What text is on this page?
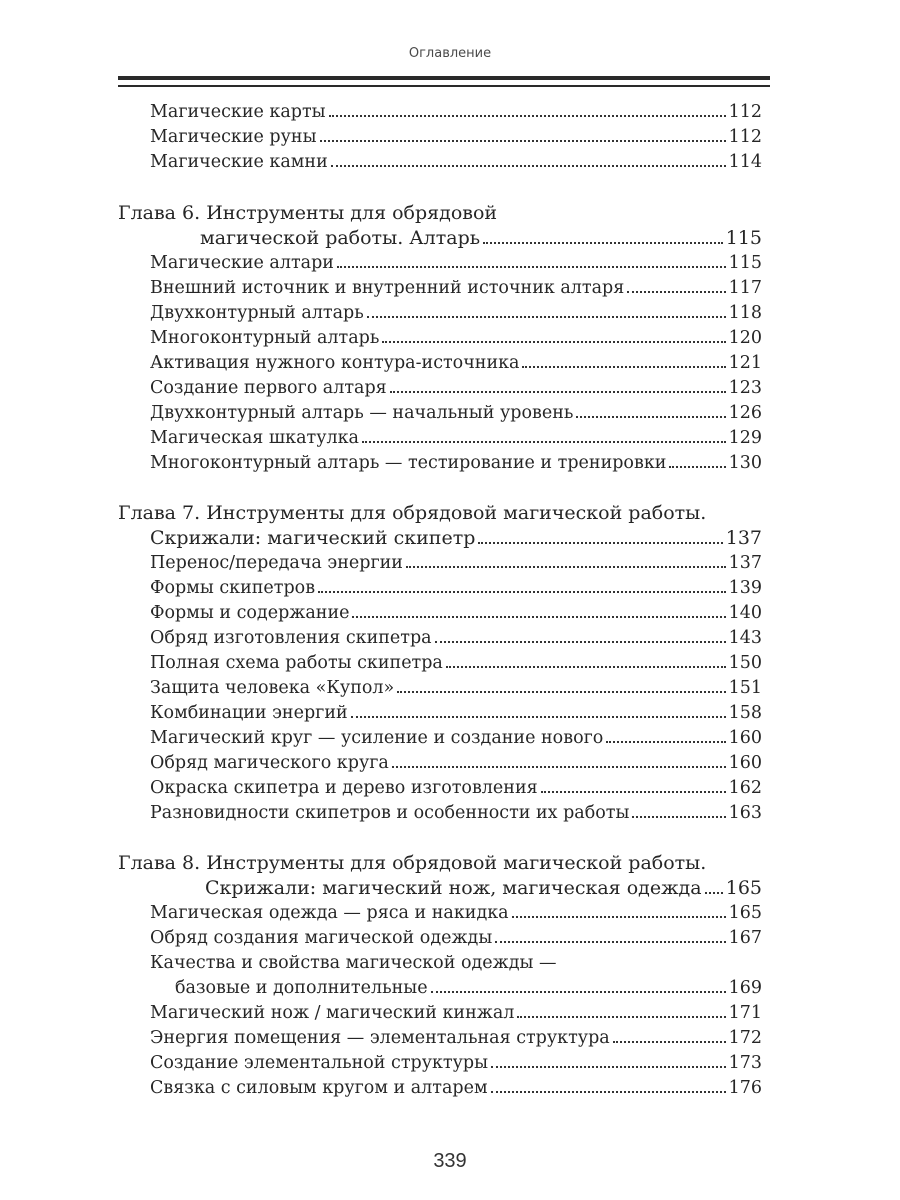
Оглавление
Магические карты	112
Магические руны	112
Магические камни	114
Глава 6. Инструменты для обрядовой
магической работы. Алтарь	115
Магические алтари	115
Внешний источник и внутренний источник алтаря	117
Двухконтурный алтарь	118
Многоконтурный алтарь	120
Активация нужного контура-источника	121
Создание первого алтаря	123
Двухконтурный алтарь — начальный уровень	126
Магическая шкатулка	129
Многоконтурный алтарь — тестирование и тренировки	130
Глава 7. Инструменты для обрядовой магической работы.
Скрижали: магический скипетр	137
Перенос/передача энергии	137
Формы скипетров	139
Формы и содержание	140
Обряд изготовления скипетра	143
Полная схема работы скипетра	150
Защита человека «Купол»	151
Комбинации энергий	158
Магический круг — усиление и создание нового	160
Обряд магического круга	160
Окраска скипетра и дерево изготовления	162
Разновидности скипетров и особенности их работы	163
Глава 8. Инструменты для обрядовой магической работы.
Скрижали: магический нож, магическая одежда 165
Магическая одежда — ряса и накидка	165
Обряд создания магической одежды	167
Качества и свойства магической одежды —
базовые и дополнительные	169
Магический нож / магический кинжал	171
Энергия помещения — элементальная структура	172
Создание элементальной структуры	173
Связка с силовым кругом и алтарем	176
339
